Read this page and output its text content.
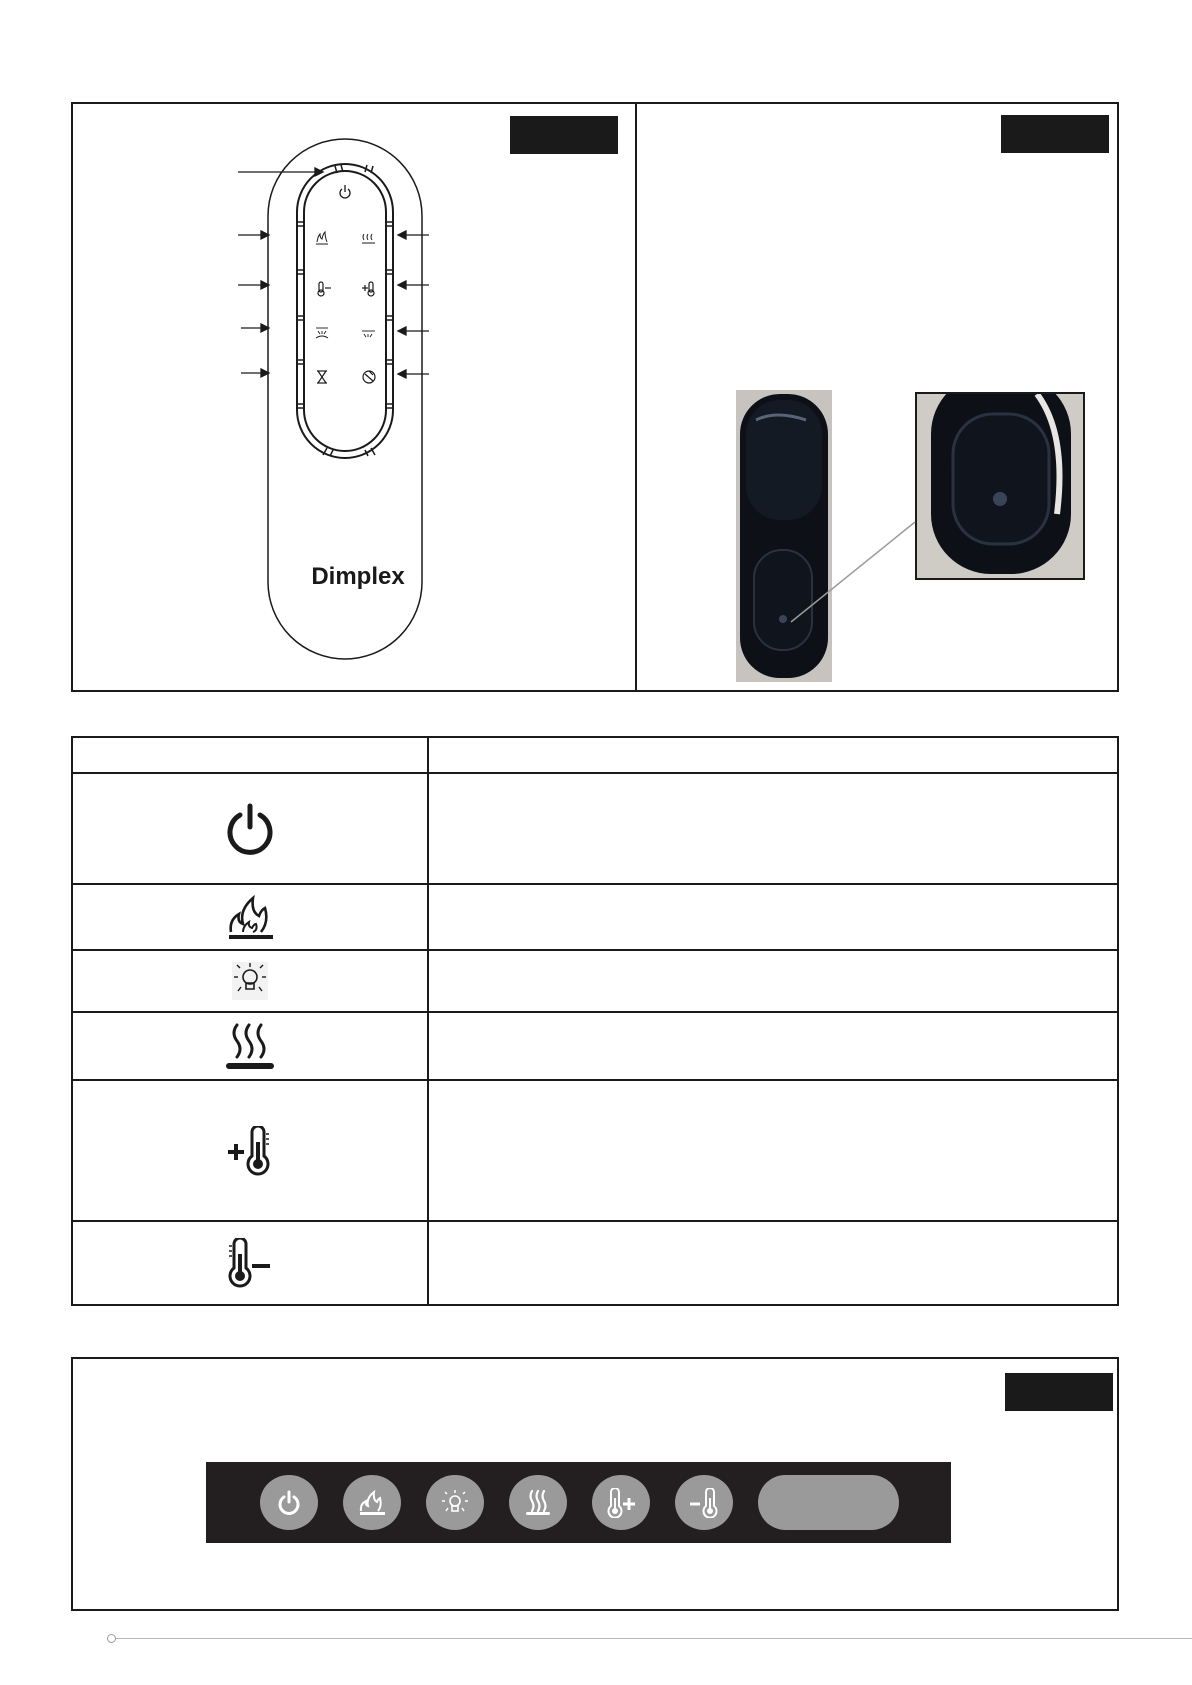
Dimplex
